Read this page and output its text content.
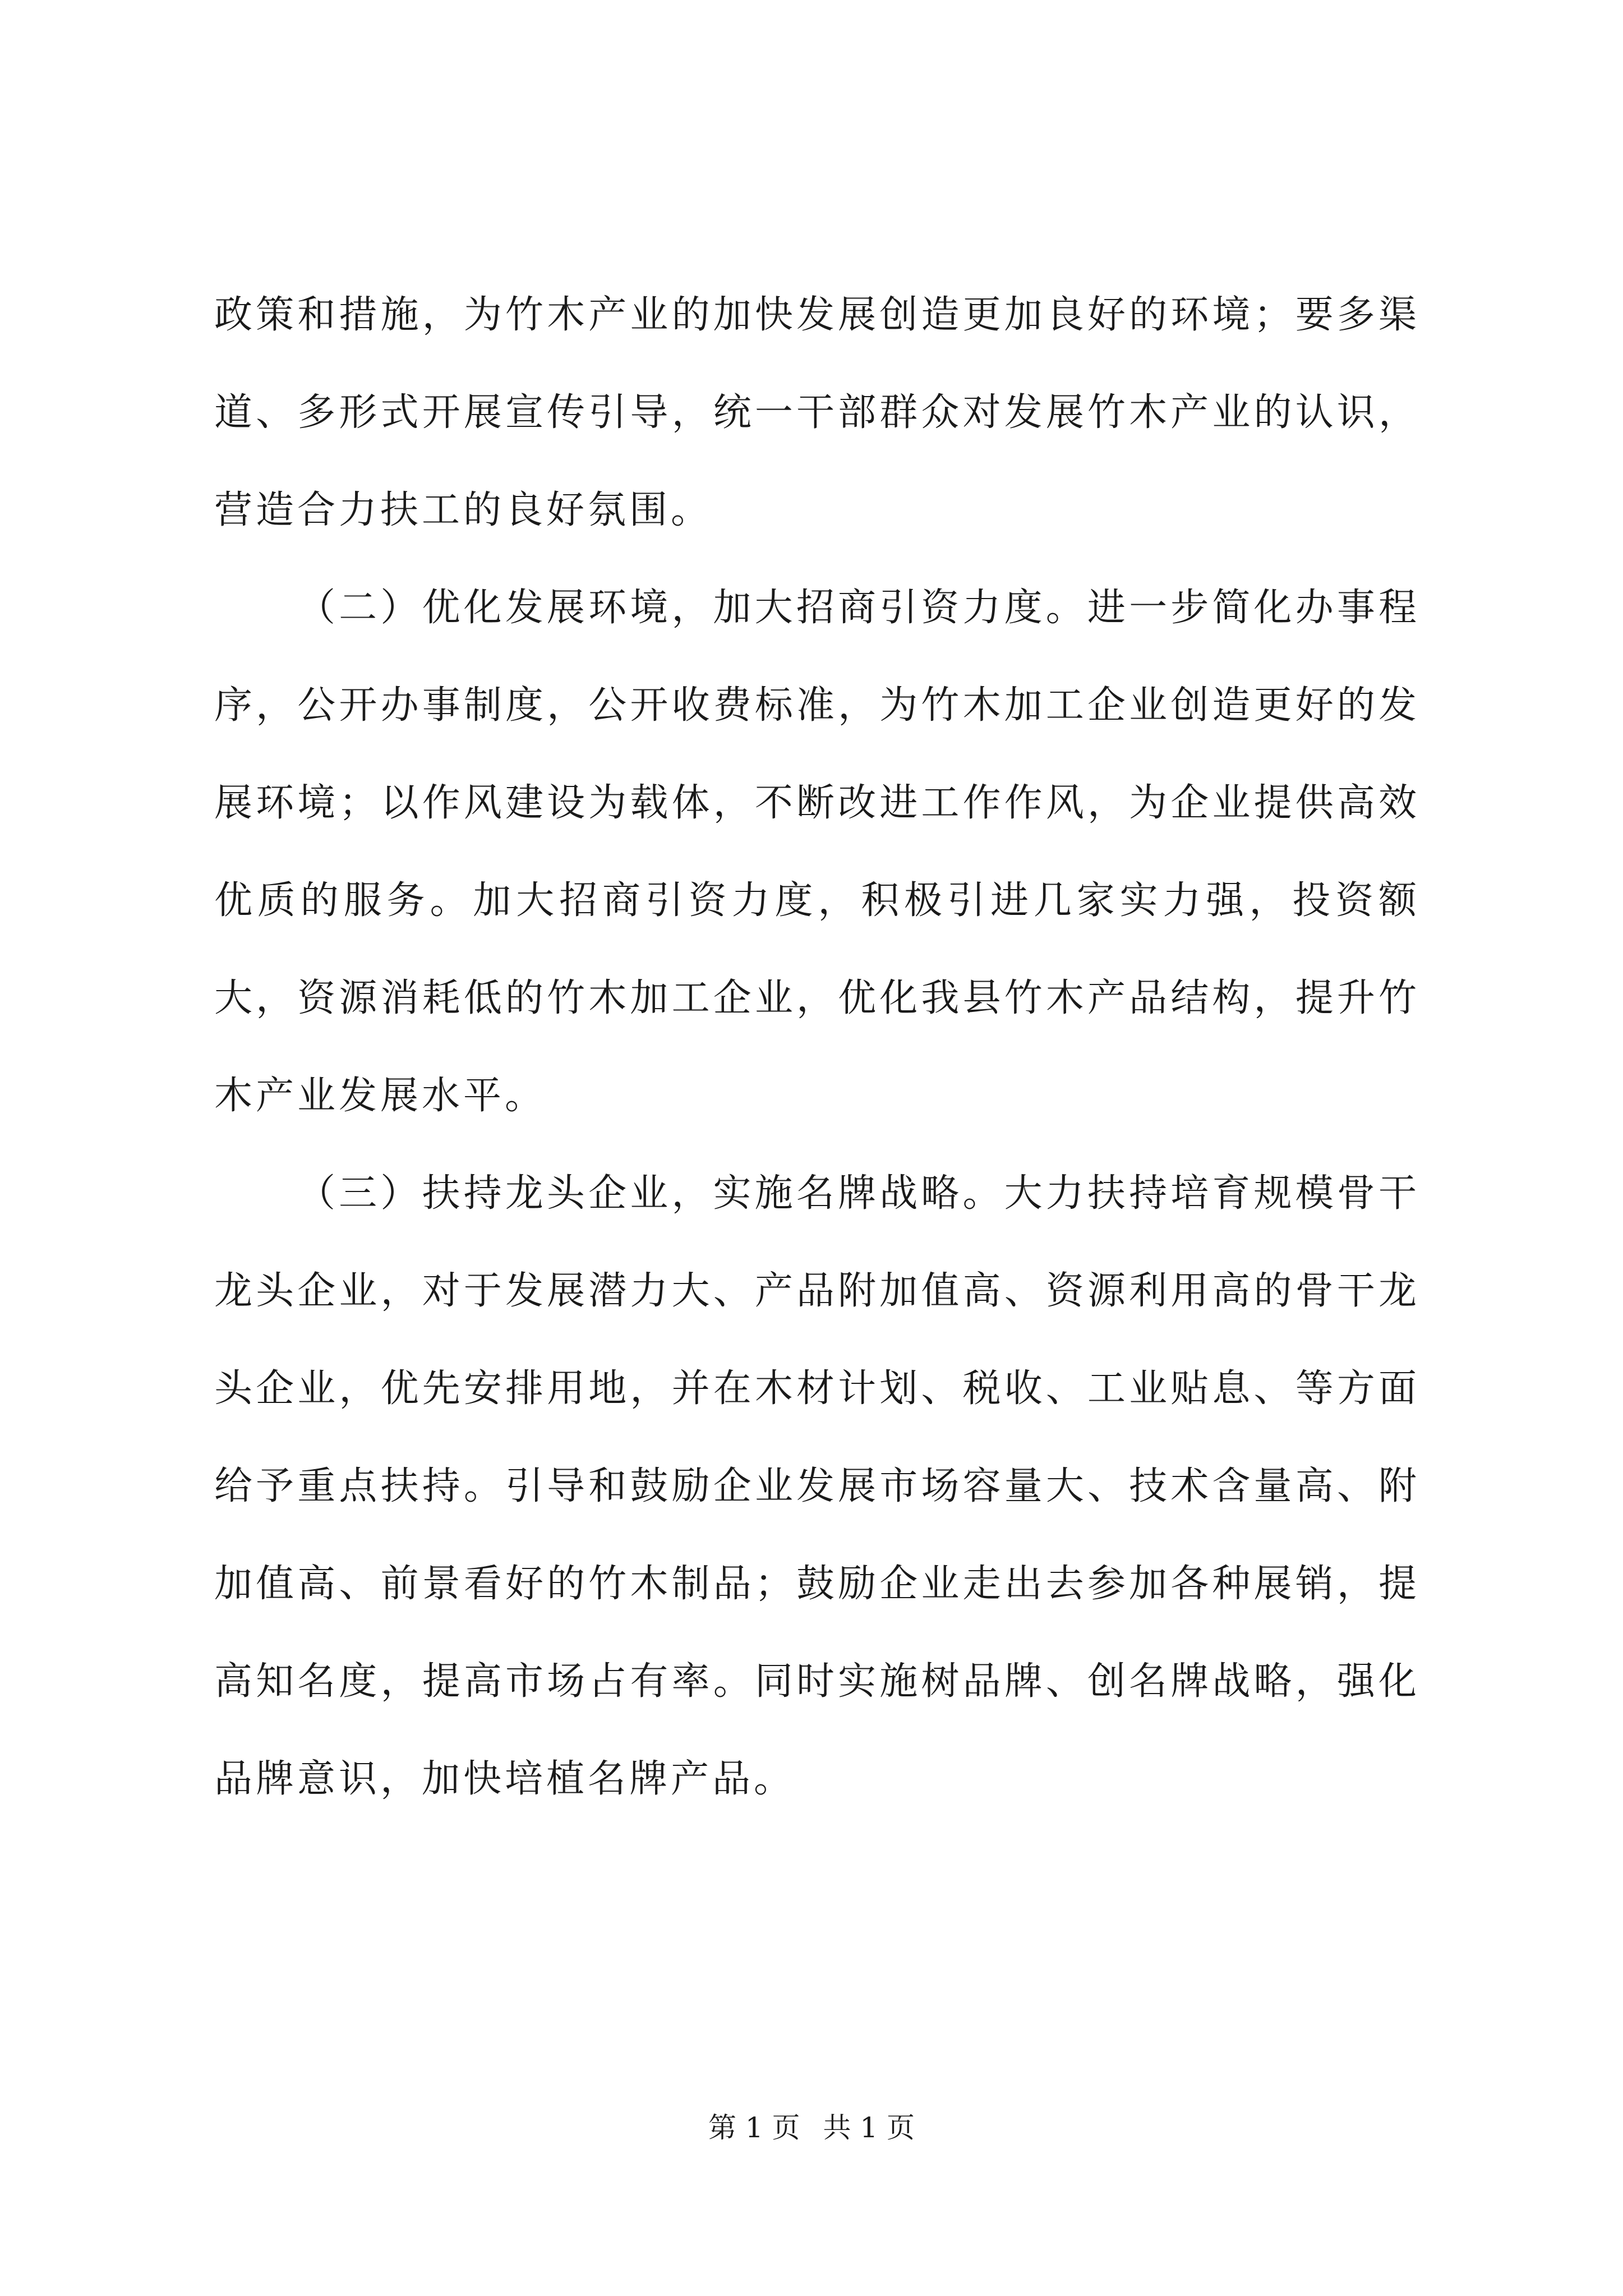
政策和措施，为竹木产业的加快发展创造更加良好的环境；要多渠道、多形式开展宣传引导，统一干部群众对发展竹木产业的认识，营造合力扶工的良好氛围。

（二）优化发展环境，加大招商引资力度。进一步简化办事程序，公开办事制度，公开收费标准，为竹木加工企业创造更好的发展环境；以作风建设为载体，不断改进工作作风，为企业提供高效优质的服务。加大招商引资力度，积极引进几家实力强，投资额大，资源消耗低的竹木加工企业，优化我县竹木产品结构，提升竹木产业发展水平。

（三）扶持龙头企业，实施名牌战略。大力扶持培育规模骨干龙头企业，对于发展潜力大、产品附加值高、资源利用高的骨干龙头企业，优先安排用地，并在木材计划、税收、工业贴息、等方面给予重点扶持。引导和鼓励企业发展市场容量大、技术含量高、附加值高、前景看好的竹木制品；鼓励企业走出去参加各种展销，提高知名度，提高市场占有率。同时实施树品牌、创名牌战略，强化品牌意识，加快培植名牌产品。

第 1 页 共 1 页
